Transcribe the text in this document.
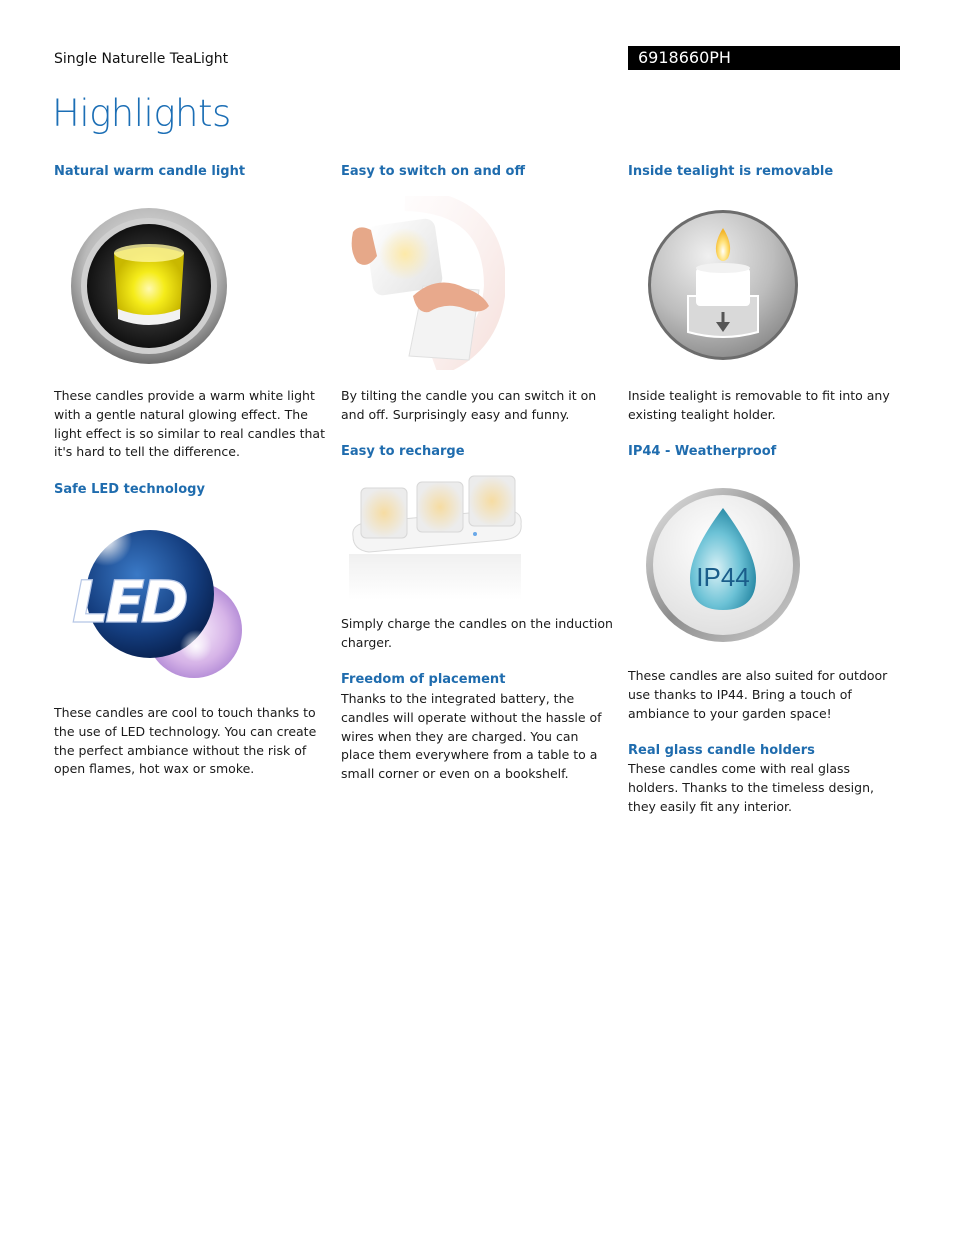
Single Naturelle TeaLight	6918660PH
Highlights
Natural warm candle light
These candles provide a warm white light with a gentle natural glowing effect. The light effect is so similar to real candles that it's hard to tell the difference.
Safe LED technology
LED
These candles are cool to touch thanks to the use of LED technology. You can create the perfect ambiance without the risk of open flames, hot wax or smoke.
Easy to switch on and off
By tilting the candle you can switch it on and off. Surprisingly easy and funny.
Easy to recharge
Simply charge the candles on the induction charger.
Freedom of placement
Thanks to the integrated battery, the candles will operate without the hassle of wires when they are charged. You can place them everywhere from a table to a small corner or even on a bookshelf.
Inside tealight is removable
Inside tealight is removable to fit into any existing tealight holder.
IP44 - Weatherproof
IP44
These candles are also suited for outdoor use thanks to IP44. Bring a touch of ambiance to your garden space!
Real glass candle holders
These candles come with real glass holders. Thanks to the timeless design, they easily fit any interior.
